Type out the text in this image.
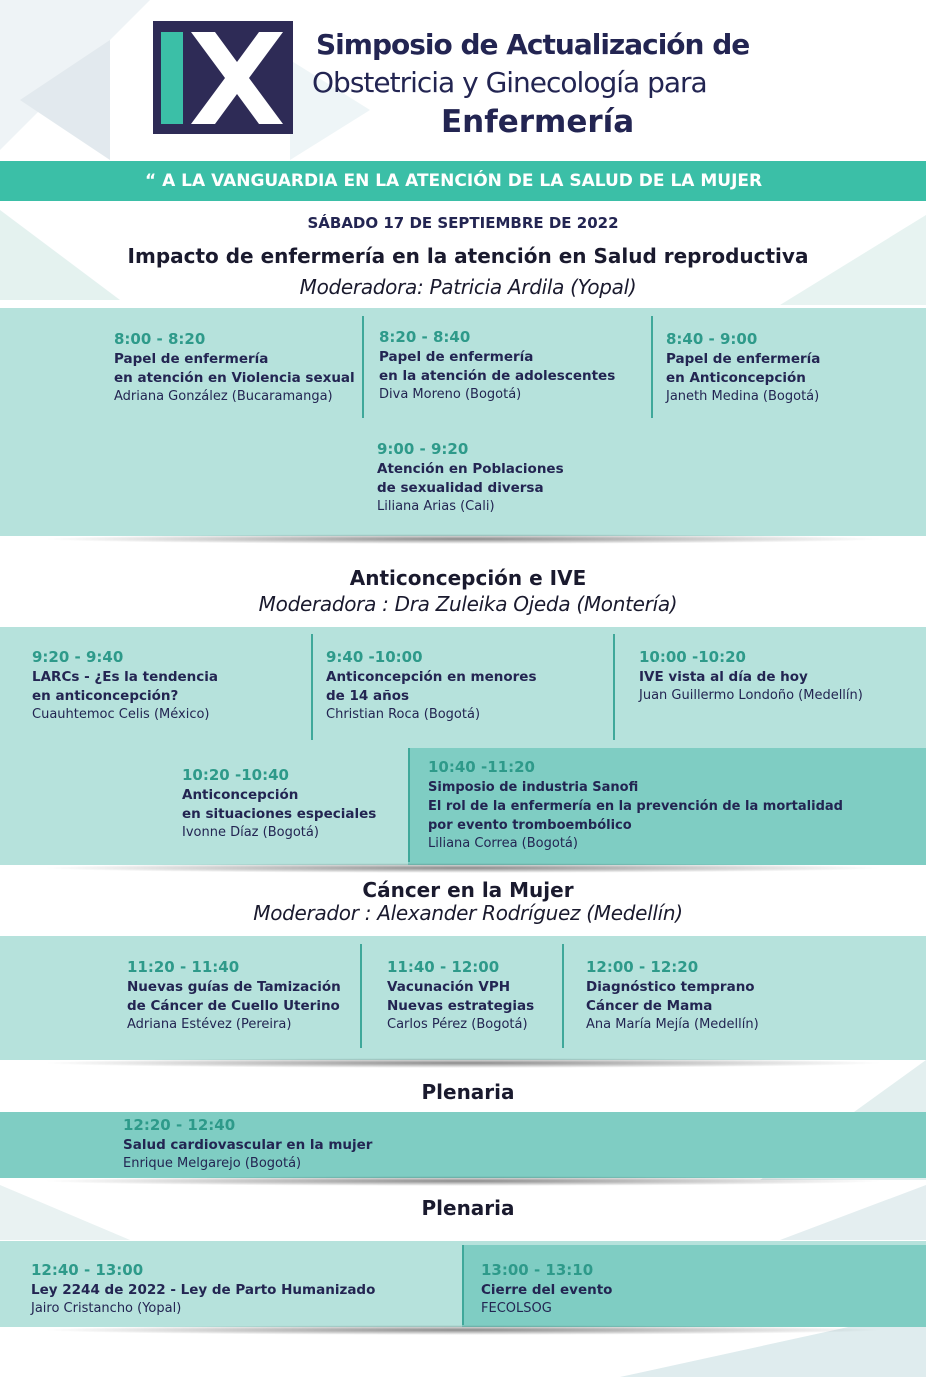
Simposio de Actualización de
Obstetricia y Ginecología para
Enfermería
“ A LA VANGUARDIA EN LA ATENCIÓN DE LA SALUD DE LA MUJER
SÁBADO 17 DE SEPTIEMBRE DE 2022
Impacto de enfermería en la atención en Salud reproductiva
Moderadora: Patricia Ardila (Yopal)
8:00 - 8:20
Papel de enfermería
en atención en Violencia sexual
Adriana González (Bucaramanga)
8:20 - 8:40
Papel de enfermería
en la atención de adolescentes
Diva Moreno (Bogotá)
8:40 - 9:00
Papel de enfermería
en Anticoncepción
Janeth Medina (Bogotá)
9:00 - 9:20
Atención en Poblaciones
de sexualidad diversa
Liliana Arias (Cali)
Anticoncepción e IVE
Moderadora : Dra Zuleika Ojeda (Montería)
9:20 - 9:40
LARCs - ¿Es la tendencia
en anticoncepción?
Cuauhtemoc Celis (México)
9:40 -10:00
Anticoncepción en menores
de 14 años
Christian Roca (Bogotá)
10:00 -10:20
IVE vista al día de hoy
Juan Guillermo Londoño (Medellín)
10:20 -10:40
Anticoncepción
en situaciones especiales
Ivonne Díaz (Bogotá)
10:40 -11:20
Simposio de industria Sanofi
El rol de la enfermería en la prevención de la mortalidad
por evento tromboembólico
Liliana Correa (Bogotá)
Cáncer en la Mujer
Moderador : Alexander Rodríguez (Medellín)
11:20 - 11:40
Nuevas guías de Tamización
de Cáncer de Cuello Uterino
Adriana Estévez (Pereira)
11:40 - 12:00
Vacunación VPH
Nuevas estrategias
Carlos Pérez (Bogotá)
12:00 - 12:20
Diagnóstico temprano
Cáncer de Mama
Ana María Mejía (Medellín)
Plenaria
12:20 - 12:40
Salud cardiovascular en la mujer
Enrique Melgarejo (Bogotá)
Plenaria
12:40 - 13:00
Ley 2244 de 2022 - Ley de Parto Humanizado
Jairo Cristancho (Yopal)
13:00 - 13:10
Cierre del evento
FECOLSOG
